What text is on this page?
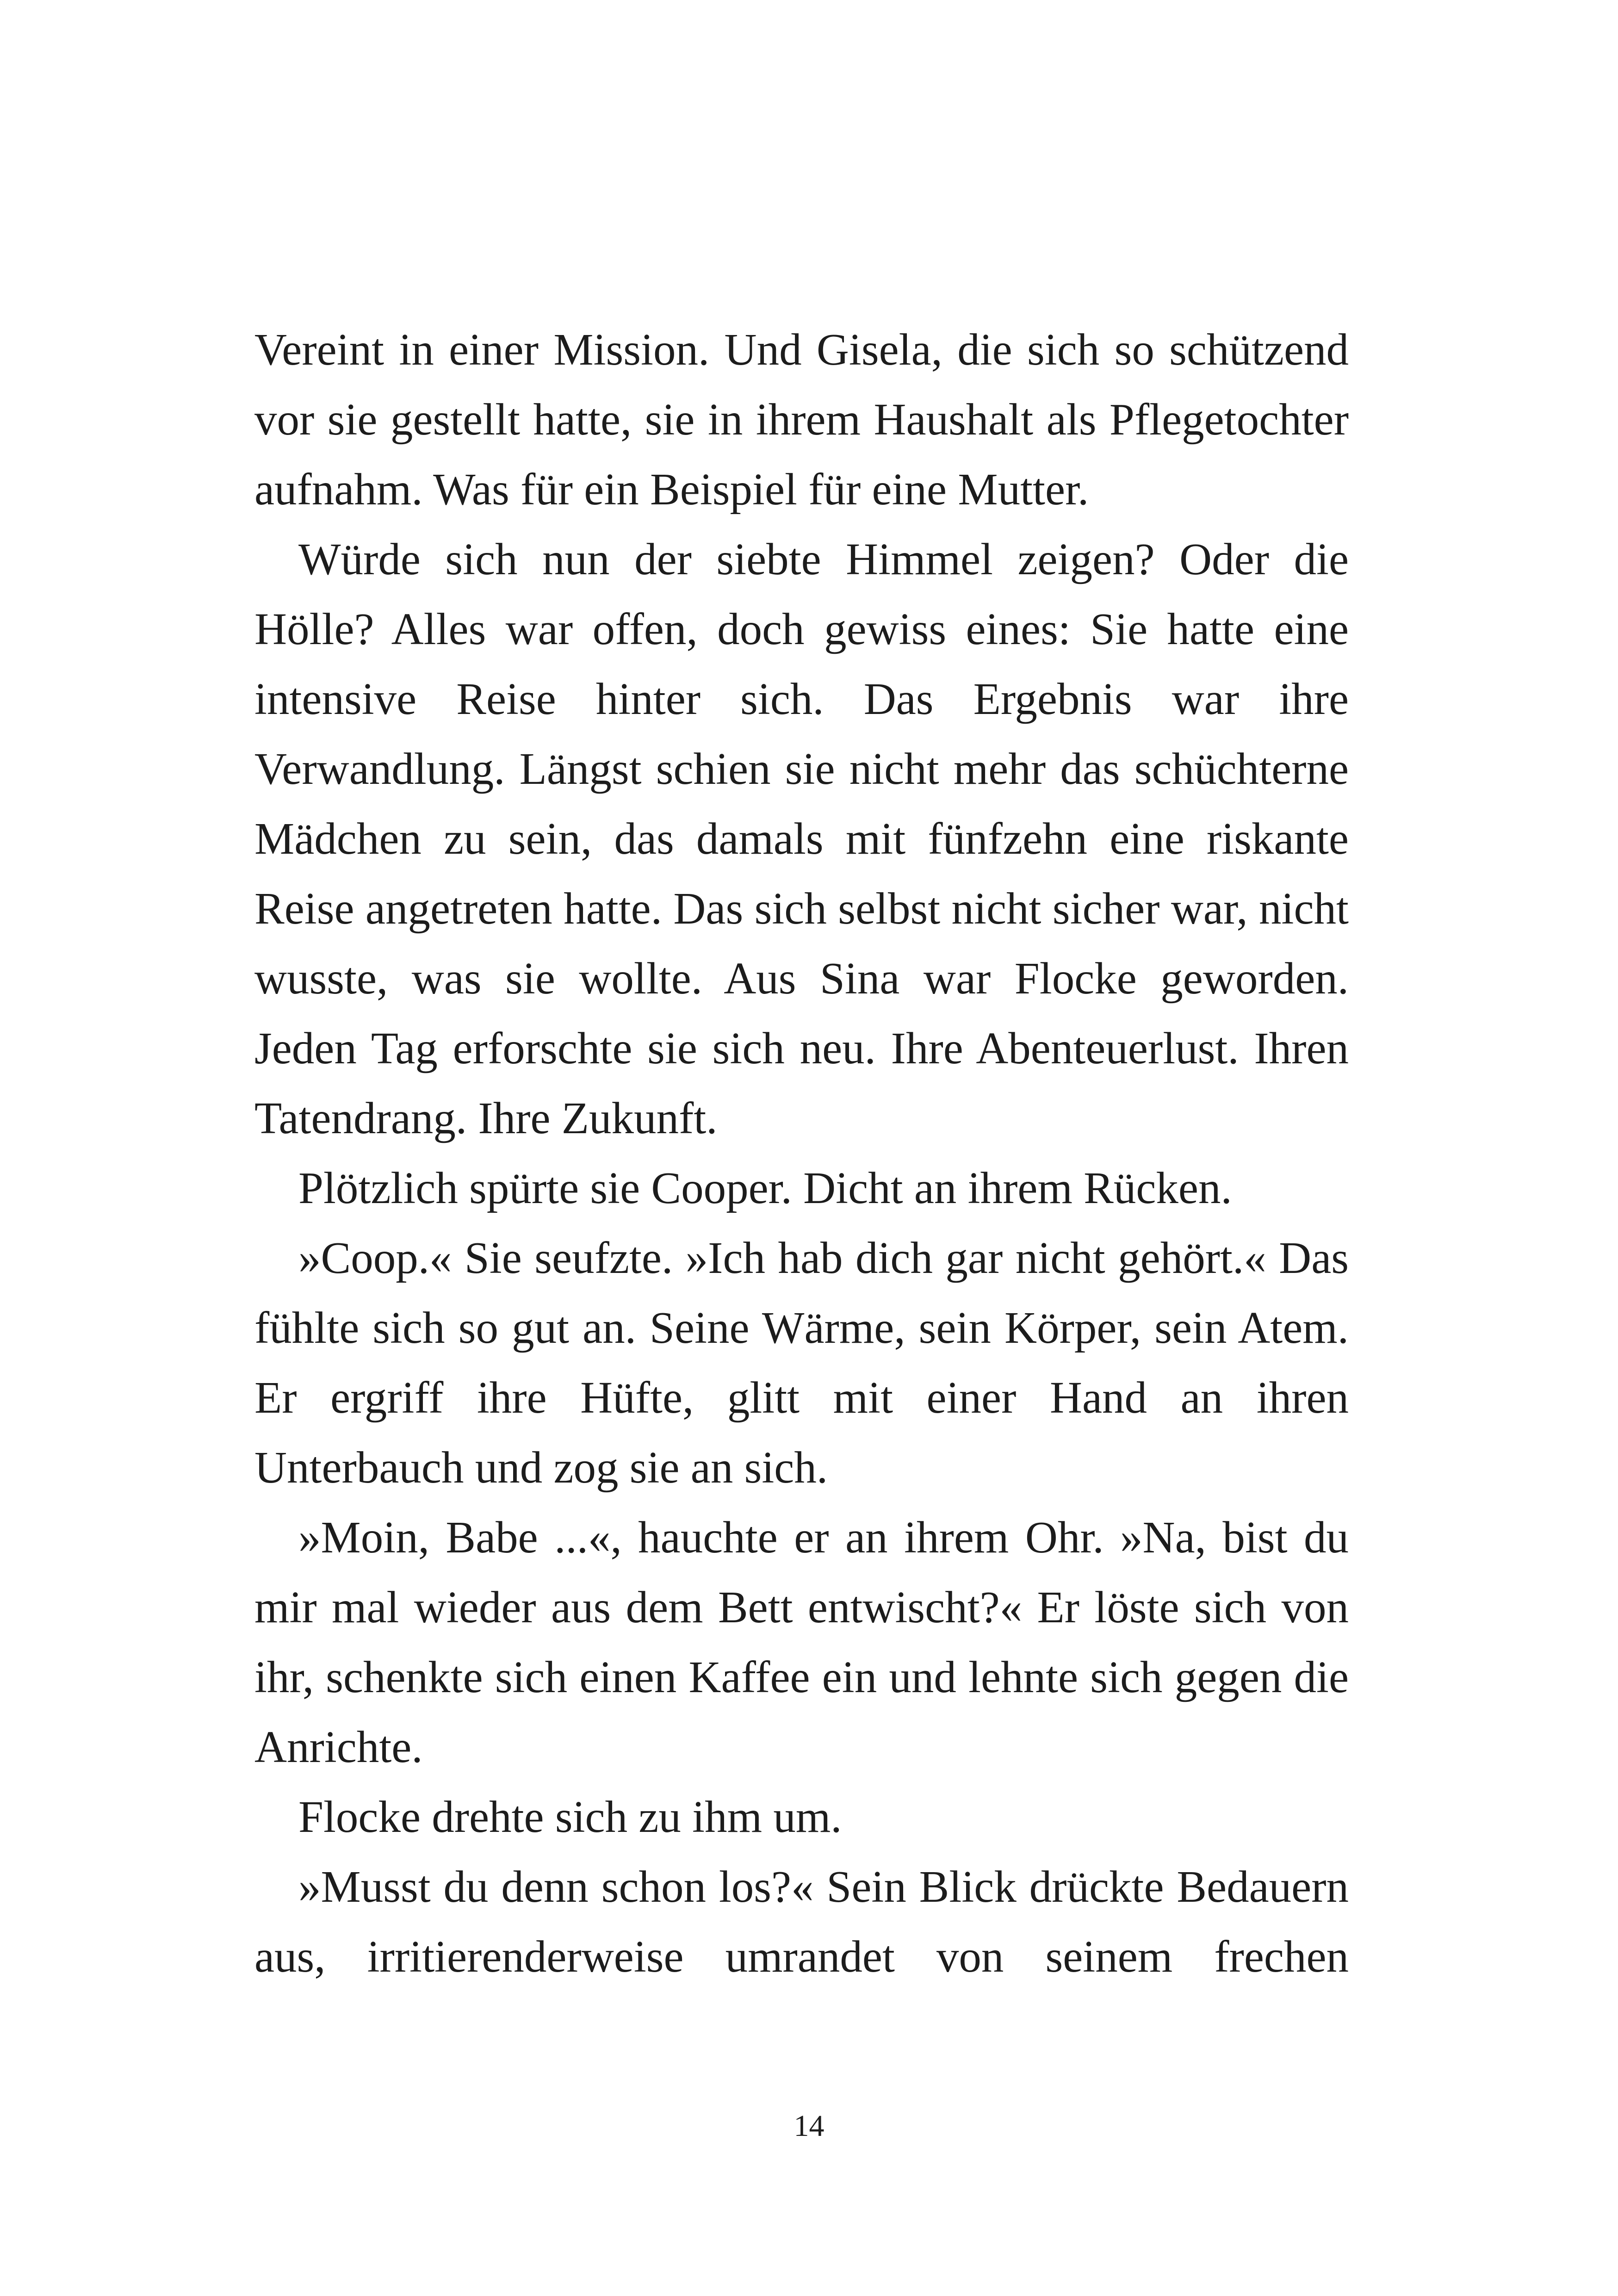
Vereint in einer Mission. Und Gisela, die sich so schützend vor sie gestellt hatte, sie in ihrem Haushalt als Pflegetochter aufnahm. Was für ein Beispiel für eine Mutter.

Würde sich nun der siebte Himmel zeigen? Oder die Hölle? Alles war offen, doch gewiss eines: Sie hatte eine intensive Reise hinter sich. Das Ergebnis war ihre Verwandlung. Längst schien sie nicht mehr das schüchterne Mädchen zu sein, das damals mit fünfzehn eine riskante Reise angetreten hatte. Das sich selbst nicht sicher war, nicht wusste, was sie wollte. Aus Sina war Flocke geworden. Jeden Tag erforschte sie sich neu. Ihre Abenteuerlust. Ihren Tatendrang. Ihre Zukunft.

Plötzlich spürte sie Cooper. Dicht an ihrem Rücken.

»Coop.« Sie seufzte. »Ich hab dich gar nicht gehört.« Das fühlte sich so gut an. Seine Wärme, sein Körper, sein Atem. Er ergriff ihre Hüfte, glitt mit einer Hand an ihren Unterbauch und zog sie an sich.

»Moin, Babe ...«, hauchte er an ihrem Ohr. »Na, bist du mir mal wieder aus dem Bett entwischt?« Er löste sich von ihr, schenkte sich einen Kaffee ein und lehnte sich gegen die Anrichte.

Flocke drehte sich zu ihm um.

»Musst du denn schon los?« Sein Blick drückte Bedauern aus, irritierenderweise umrandet von seinem frechen

14
